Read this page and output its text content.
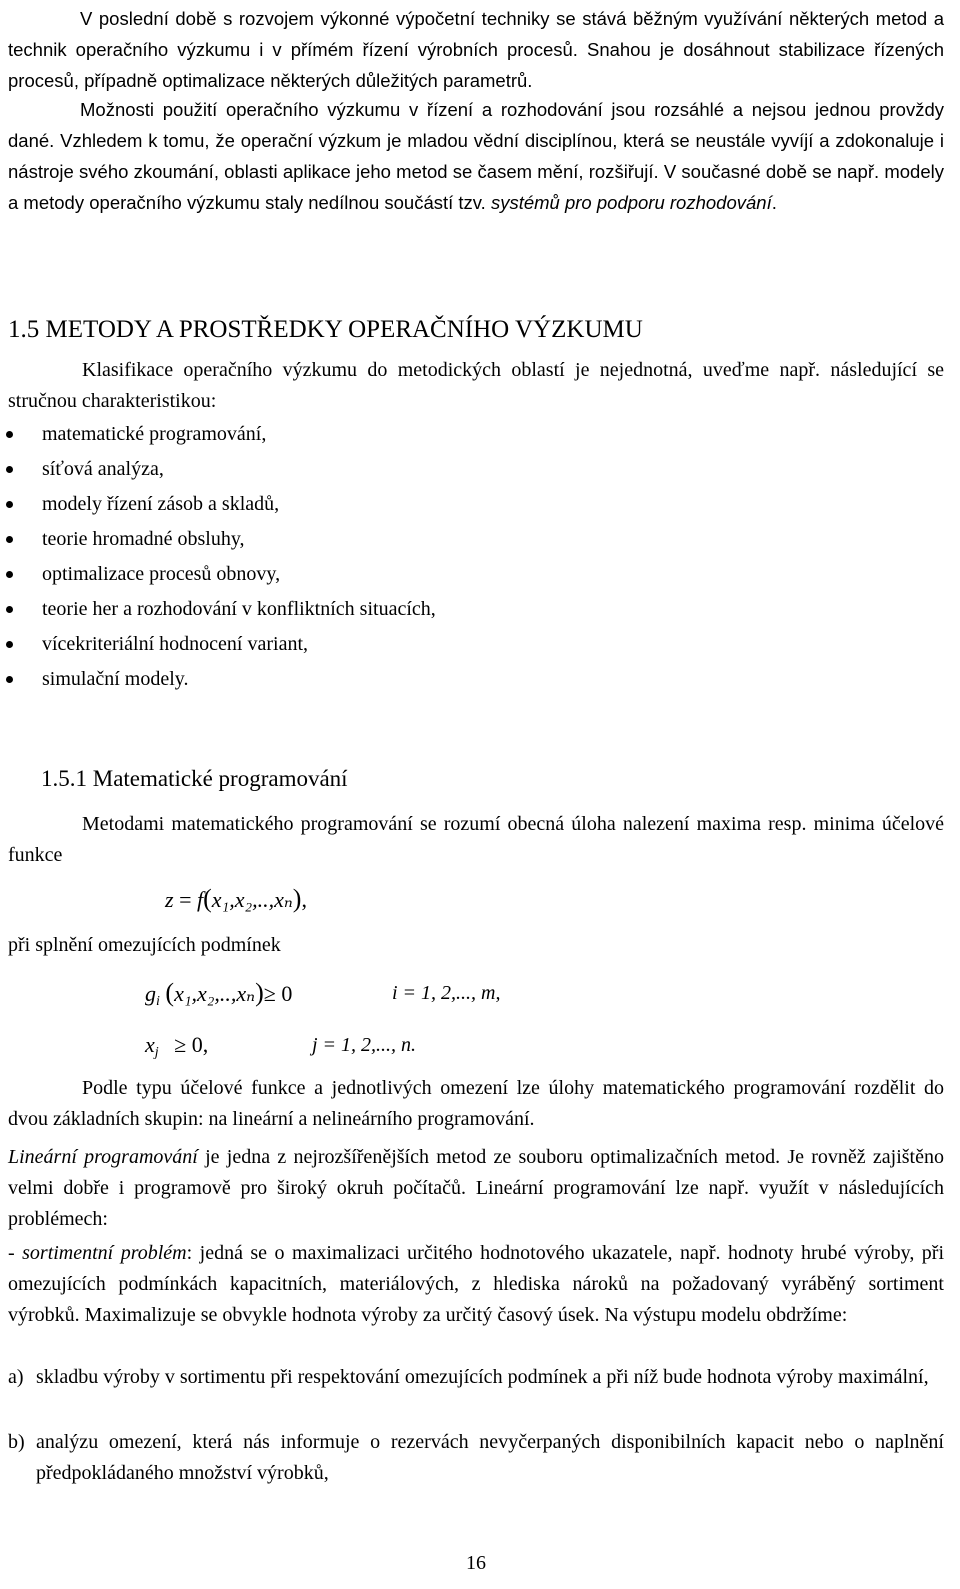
V poslední době s rozvojem výkonné výpočetní techniky se stává běžným využívání některých metod a technik operačního výzkumu i v přímém řízení výrobních procesů. Snahou je dosáhnout stabilizace řízených procesů, případně optimalizace některých důležitých parametrů.

Možnosti použití operačního výzkumu v řízení a rozhodování jsou rozsáhlé a nejsou jednou provždy dané. Vzhledem k tomu, že operační výzkum je mladou vědní disciplínou, která se neustále vyvíjí a zdokonaluje i nástroje svého zkoumání, oblasti aplikace jeho metod se časem mění, rozšiřují. V současné době se např. modely a metody operačního výzkumu staly nedílnou součástí tzv. systémů pro podporu rozhodování.

1.5 METODY A PROSTŘEDKY OPERAČNÍHO VÝZKUMU

Klasifikace operačního výzkumu do metodických oblastí je nejednotná, uveďme např. následující se stručnou charakteristikou:

matematické programování,
síťová analýza,
modely řízení zásob a skladů,
teorie hromadné obsluhy,
optimalizace procesů obnovy,
teorie her a rozhodování v konfliktních situacích,
vícekriteriální hodnocení variant,
simulační modely.
1.5.1 Matematické programování

Metodami matematického programování se rozumí obecná úloha nalezení maxima resp. minima účelové funkce

z = f(x₁,x₂,..,xₙ),

při splnění omezujících podmínek

$g_i$ (x₁,x₂,..,xₙ)≥ 0	i = 1, 2,..., m,
$x_j \ge 0$,	j = 1, 2,..., n.

Podle typu účelové funkce a jednotlivých omezení lze úlohy matematického programování rozdělit do dvou základních skupin: na lineární a nelineárního programování.

Lineární programování je jedna z nejrozšířenějších metod ze souboru optimalizačních metod. Je rovněž zajištěno velmi dobře i programově pro široký okruh počítačů. Lineární programování lze např. využít v následujících problémech:

- sortimentní problém: jedná se o maximalizaci určitého hodnotového ukazatele, např. hodnoty hrubé výroby, při omezujících podmínkách kapacitních, materiálových, z hlediska nároků na požadovaný vyráběný sortiment výrobků. Maximalizuje se obvykle hodnota výroby za určitý časový úsek. Na výstupu modelu obdržíme:

a) skladbu výroby v sortimentu při respektování omezujících podmínek a při níž bude hodnota výroby maximální,

b) analýzu omezení, která nás informuje o rezervách nevyčerpaných disponibilních kapacit nebo o naplnění předpokládaného množství výrobků,

16
